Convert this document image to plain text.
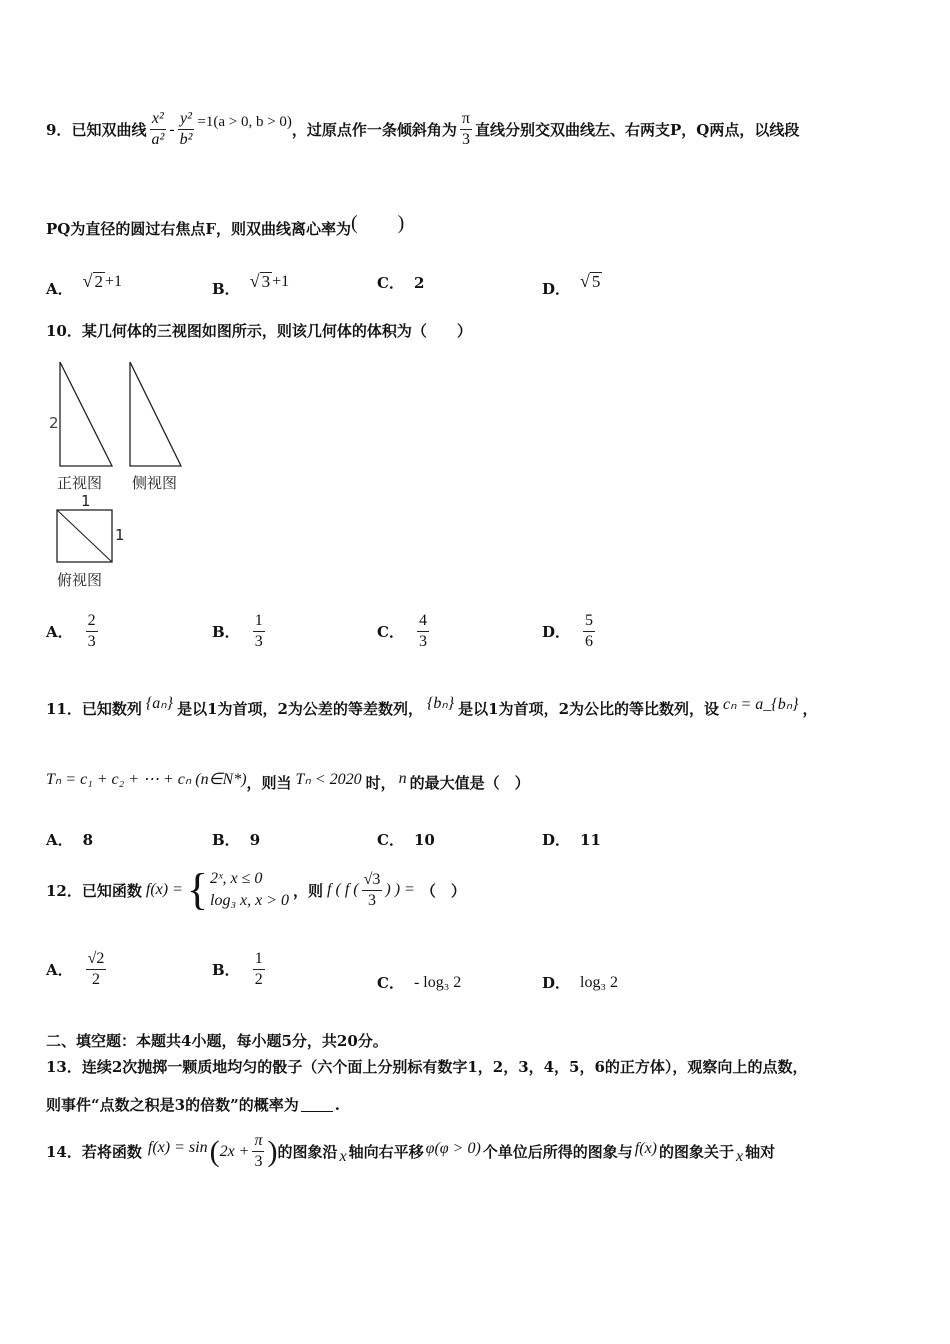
9． 已知双曲线 $\frac{\text{x²}}{\text{a²}} - \frac{\text{y²}}{\text{b²}} =1(a > 0$, b > 0) ，过原点作一条倾斜角为 $\frac{\pi}{3}$ 直线分别交双曲线左、右两支P，Q两点，以线段
PQ为直径的圆过右焦点F，则双曲线离心率为 (　　)
A． √ 2 +1	B． √ 3 +1	C． 2	D． √ 5
10．某几何体的三视图如图所示，则该几何体的体积为（　　）
2
正视图 侧视图
1
1
俯视图
A． $\frac{2}{3}$	B． $\frac{1}{3}$	C． $\frac{4}{3}$	D． $\frac{5}{6}$
11． 已知数列 {aₙ} 是以1为首项，2为公差的等差数列， {bₙ} 是以1为首项，2为公比的等比数列，设 cₙ = a_{bₙ} ，
Tₙ = c₁ + c₂ + ⋯ + cₙ (n∈N*) ，则当 Tₙ < 2020 时， n 的最大值是（　）
A． 8	B． 9	C． 10	D． 11
12． 已知函数 f(x) = { 2ˣ, x ≤ 0
log₃ x, x > 0
，则 f ( f ( $\frac{√3}{3}$ ) ) = （　）
A． $\frac{√2}{2}$	B． $\frac{1}{2}$	C． - log₃ 2	D． log₃ 2
二、填空题：本题共4小题，每小题5分，共20分。
13．连续2次抛掷一颗质地均匀的骰子（六个面上分别标有数字1，2，3，4，5，6的正方体），观察向上的点数，
则事件“点数之积是3的倍数”的概率为 .
14． 若将函数 f(x) = sin ( $2x + \frac{\pi}{3}$ ) 的图象沿 x 轴向右平移 φ(φ > 0) 个单位后所得的图象与 f(x) 的图象关于 x 轴对
